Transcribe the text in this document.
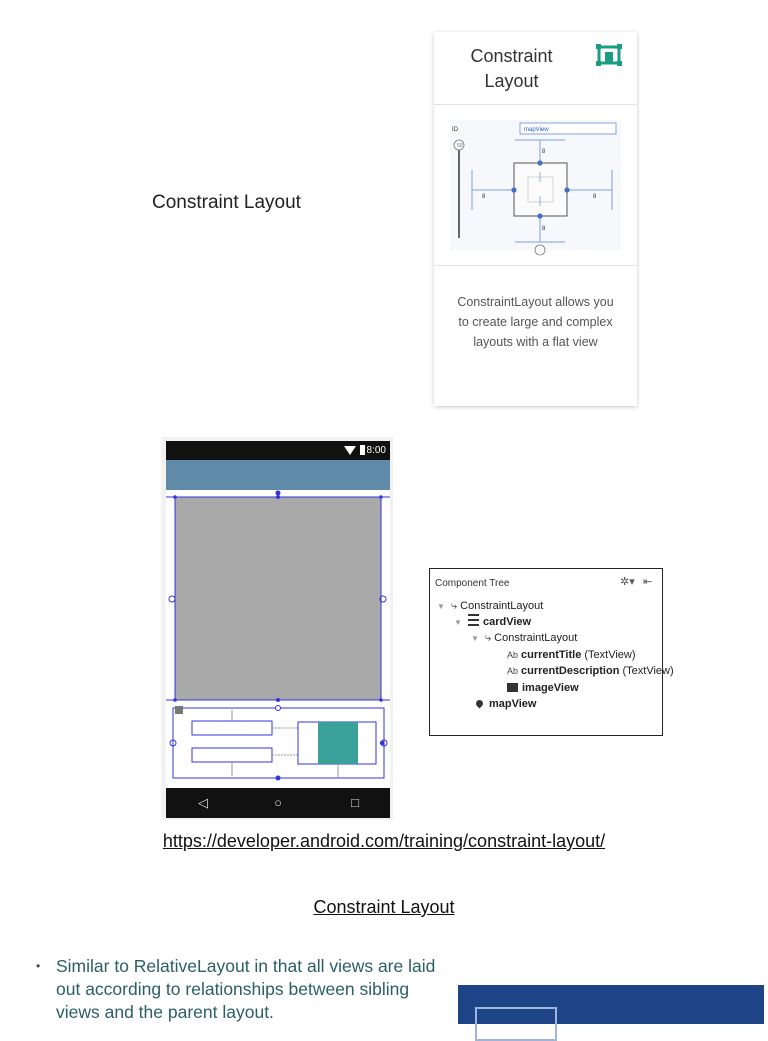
Constraint Layout
Constraint
Layout
ID	mapView
50
8
8
8	8
ConstraintLayout allows you
to create large and complex
layouts with a flat view
8:00
◁	○	□
Component Tree	✲▾ ⇤
▼ ⤷ ConstraintLayout
▼ cardView
▼ ⤷ ConstraintLayout
Ab currentTitle (TextView)
Ab currentDescription (TextView)
imageView
mapView
https://developer.android.com/training/constraint-layout/
Constraint Layout
• Similar to RelativeLayout in that all views are laid out according to relationships between sibling views and the parent layout.
